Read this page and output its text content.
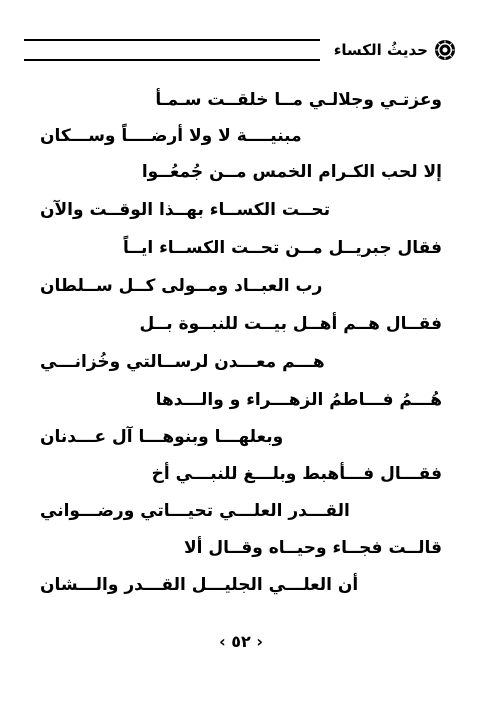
حديثُ الكساء
وعزتـي وجلالـي مــا خلقــت سـمـأ
مبنيــــة لا ولا أرضــــاً وســـكان
إلا لحب الكـرام الخمس مــن جُمعُــوا
تحــت الكســاء بهــذا الوقــت والآن
فقال جبريــل مــن تحــت الكســاء ايــاً
رب العبــاد ومــولى كــل ســلطان
فقــال هــم أهــل بيــت للنبــوة بــل
هـــم معـــدن لرســالتي وخُزانـــي
هُـــمُ فـــاطمُ الزهـــراء و والـــدها
وبعلهـــا وبنوهـــا آل عـــدنان
فقـــال فـــأهبط وبلـــغ للنبـــي أخ
القـــدر العلـــي تحيـــاتي ورضـــواني
قالــت فجــاء وحيــاه وقــال ألا
أن العلـــي الجليـــل القـــدر والـــشان
‹ ٥٢ ›
